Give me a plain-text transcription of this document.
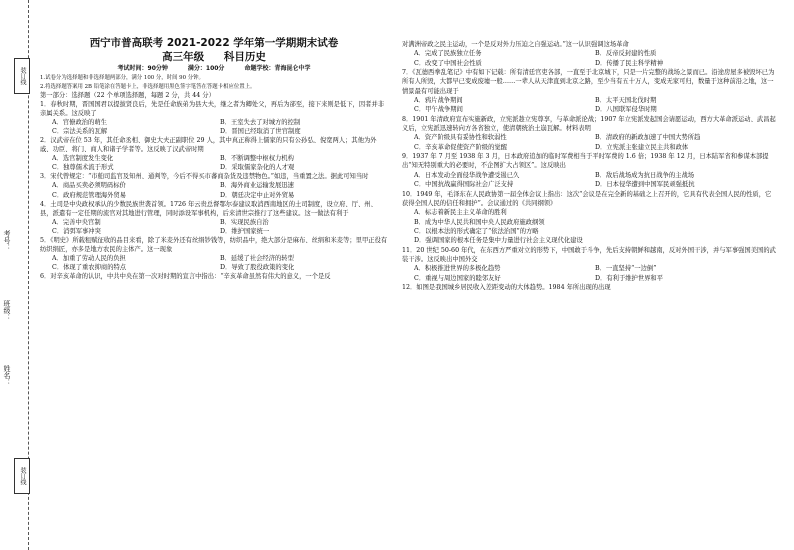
装订线
考号：
班级：
姓名：
装订线
西宁市普高联考 2021-2022 学年第一学期期末试卷
高三年级 科目历史
考试时间：90分钟	满分：100分	命题学校：青海昆仑中学
1.试卷分为选择题和非选择题两部分，满分 100 分，时间 90 分钟。
2.将选择题答案用 2B 铅笔涂在答题卡上，非选择题用黑色签字笔答在答题卡相应位置上。
第一部分：选择题（22 个单项选择题，每题 2 分，共 44 分）

1．春秋时期，晋国国君以提拔贤良后，先是任命族弟为县大夫，继之者为卿处父，再后为郤至，接下来则是低下，因者并非亲属关系。这反映了

A．官僚政治的萌生	B．王室失去了对城方的控制
C．宗法关系的瓦解	D．晋国已经取消了世官制度

2．汉武帝在位 53 年，其任命丞相、御史大夫正副职位 29 人，其中真正称得上儒家的只有公孙弘、倪宽两人；其他为外戚、功臣、将门、商人和诸子学者等。这反映了汉武帝时期

A．选官制度发生变化	B．不断调整中枢权力机构
C．独尊儒术流于形式	D．采取儒家杂化的人才观

3．宋代曾规定：“市舶司监官及知州、通判等，今后不得买市蕃商杂货及违禁物色。”如违，当重置之法。据此可知当时

A．商品买卖必须明码标价	B．海外商业运输发展迅速
C．政府规范管理海外贸易	D．朝廷决定中止对外贸易

4．土司是中央政权承认的少数民族世袭首领。1726 年云贵总督鄂尔泰建议取消西南地区的土司制度，设立府、厅、州、县，派遣有一定任期的流官对其地进行管理，同时添设军事机构，后来清世宗推行了这些建议。这一做法有利于

A．完善中央官制	B．实现民族自治
C．消弭军事冲突	D．维护国家统一

5．《明史》所载租赋征收的品目来看，除了米麦外还有丝绢钞钱等，纺织品中，绝大部分是麻布、丝绢和米麦等；里甲正役有纺织绢匠，亦多是地方农民的主体产。这一现象

A．加重了劳动人民的负担	B．延缓了社会经济的转型
C．体现了重农抑商的特点	D．导致了股役政策的变化

6．对辛亥革命的认识，中共中央在第一次对时期的宣言中指出：“辛亥革命虽然有伟大的意义，一个是反

对满洲帝政之民主运动，一个是反对外力压迫之自强运动。”这一认识强调这场革命

A．完成了民族独立任务	B．反帝反封建的性质
C．改变了中国社会性质	D．传播了民主科学精神

7．《瓦德西拳乱笔记》中有如下记载：所有清廷官吏各部，一直至于北京城下，只是一片完整的战场之景而已。沿途房屋多被毁坏已为所有人所毁，大都早已变成废墟一般……一辈人从天津直到北京之路，至少当有五十万人，变成无家可归，数量于这种前沿之地，这一情景最有可能出现于

A．鸦片战争期间	B．太平天国北伐时期
C．甲午战争期间	D．八国联军侵华时期

8．1901 年清政府宣布实施新政，立宪派趁立宪尊享，与革命派论战；1907 年立宪派发起国会请愿运动，西方大革命派运动、武昌起义后，立宪派迅速转向方各省独立，使清朝统治土崩瓦解。材料表明

A．资产阶级具有妥协性和软弱性	B．清政府的新政加速了中国大势所趋
C．辛亥革命促使资产阶级的觉醒	D．立宪派主张建立民主共和政体

9．1937 年 7 月至 1938 年 3 月，日本政府追加的临时军费相当于平时军费的 1.6 倍；1938 年 12 月，日本陆军省和参谋本部提出“知无特别重大的必要时，不企图扩大占领区”。这反映出

A．日本发动全面侵华战争遭受遏已久	B．敌后战场成为抗日战争的主战场
C．中国抗战赢得国际社会广泛支持	D．日本侵华遭到中国军民顽强抵抗

10．1949 年，毛泽东在人民政协第一届全体会议上指出：这次“会议是在完全新的基础之上召开的，它具有代表全国人民的性质，它获得全国人民的信任和拥护”。会议通过的《共同纲领》

A．标志着新民主主义革命的胜利
B．成为中华人民共和国中央人民政府施政纲领
C．以根本法的形式确定了“依法治国”的方略
D．强调国家的根本任务是集中力量进行社会主义现代化建设

11．20 世纪 50-60 年代，在东西方严重对立的形势下，中国敢于斗争，先后支持朝鲜和越南，反对外国干涉，并与军事强国美国的武装干涉。这反映出中国外交

A．积极推进世界的多极化趋势	B．一直坚持“一边倒”
C．重视与周边国家的睦邻友好	D．有利于维护世界和平

12．如图是我国城乡居民收入差距变动的大体趋势。1984 年所出现的出现
